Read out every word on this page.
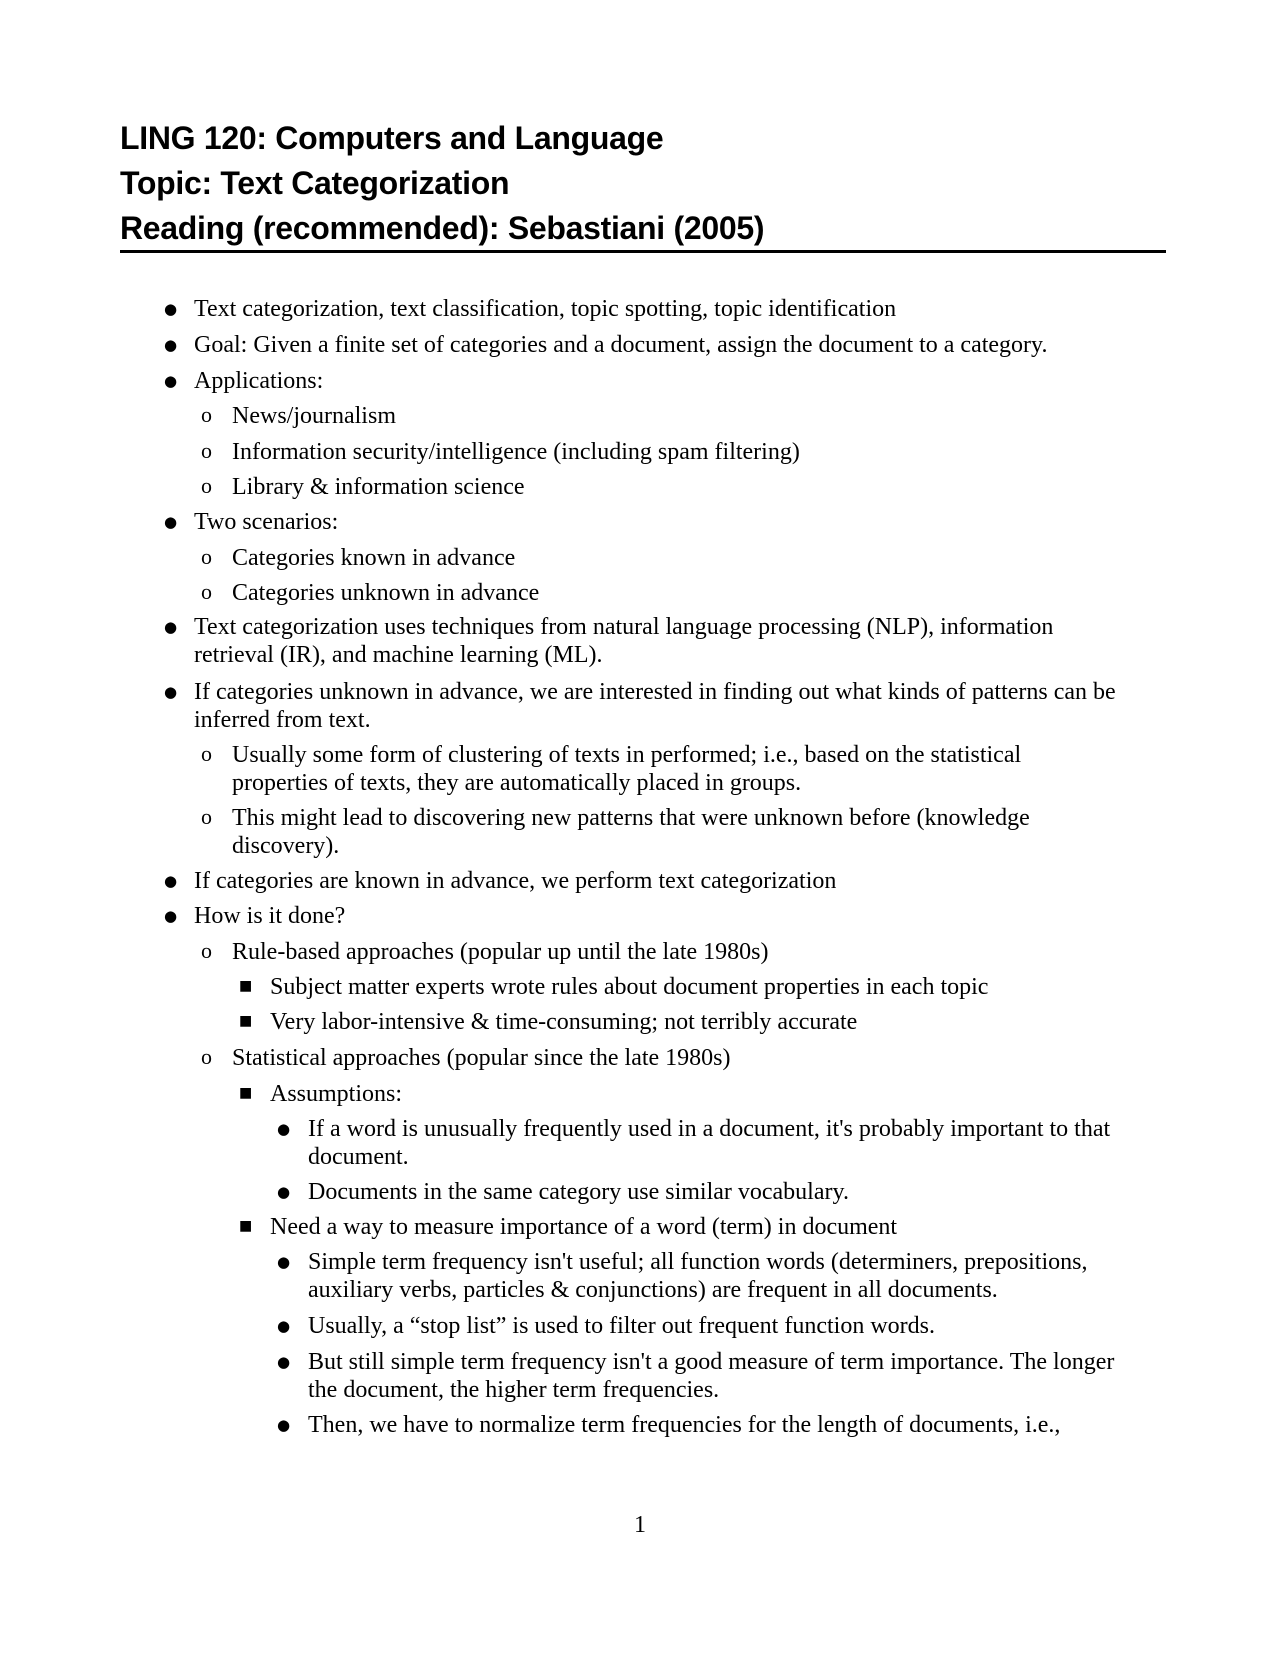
LING 120: Computers and Language
Topic: Text Categorization
Reading (recommended): Sebastiani (2005)
● Text categorization, text classification, topic spotting, topic identification
● Goal: Given a finite set of categories and a document, assign the document to a category.
● Applications:
o News/journalism
o Information security/intelligence (including spam filtering)
o Library & information science
● Two scenarios:
o Categories known in advance
o Categories unknown in advance
● Text categorization uses techniques from natural language processing (NLP), information
retrieval (IR), and machine learning (ML).
● If categories unknown in advance, we are interested in finding out what kinds of patterns can be
inferred from text.
o Usually some form of clustering of texts in performed; i.e., based on the statistical
properties of texts, they are automatically placed in groups.
o This might lead to discovering new patterns that were unknown before (knowledge
discovery).
● If categories are known in advance, we perform text categorization
● How is it done?
o Rule-based approaches (popular up until the late 1980s)
■ Subject matter experts wrote rules about document properties in each topic
■ Very labor-intensive & time-consuming; not terribly accurate
o Statistical approaches (popular since the late 1980s)
■ Assumptions:
● If a word is unusually frequently used in a document, it's probably important to that
document.
● Documents in the same category use similar vocabulary.
■ Need a way to measure importance of a word (term) in document
● Simple term frequency isn't useful; all function words (determiners, prepositions,
auxiliary verbs, particles & conjunctions) are frequent in all documents.
● Usually, a “stop list” is used to filter out frequent function words.
● But still simple term frequency isn't a good measure of term importance. The longer
the document, the higher term frequencies.
● Then, we have to normalize term frequencies for the length of documents, i.e.,
1
